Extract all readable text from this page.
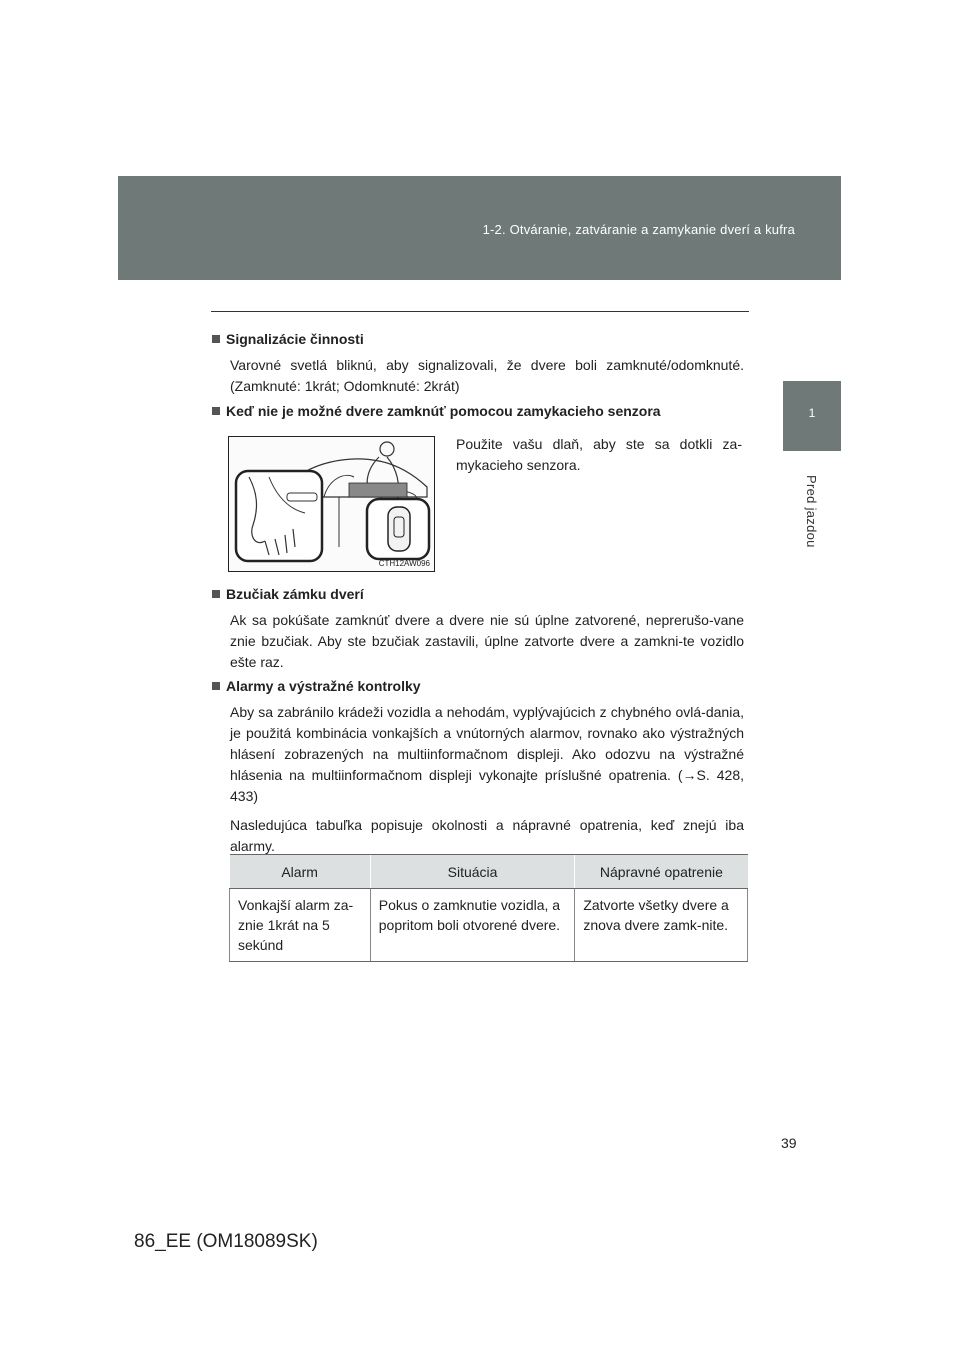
1-2. Otváranie, zatváranie a zamykanie dverí a kufra
1
Pred jazdou
Signalizácie činnosti
Varovné svetlá bliknú, aby signalizovali, že dvere boli zamknuté/odomknuté. (Zamknuté: 1krát; Odomknuté: 2krát)
Keď nie je možné dvere zamknúť pomocou zamykacieho senzora
CTH12AW096
Použite vašu dlaň, aby ste sa dotkli za-mykacieho senzora.
Bzučiak zámku dverí
Ak sa pokúšate zamknúť dvere a dvere nie sú úplne zatvorené, neprerušo-vane znie bzučiak. Aby ste bzučiak zastavili, úplne zatvorte dvere a zamkni-te vozidlo ešte raz.
Alarmy a výstražné kontrolky
Aby sa zabránilo krádeži vozidla a nehodám, vyplývajúcich z chybného ovlá-dania, je použitá kombinácia vonkajších a vnútorných alarmov, rovnako ako výstražných hlásení zobrazených na multiinformačnom displeji. Ako odozvu na výstražné hlásenia na multiinformačnom displeji vykonajte príslušné opatrenia. (→S. 428, 433)
Nasledujúca tabuľka popisuje okolnosti a nápravné opatrenia, keď znejú iba alarmy.
Alarm	Situácia	Nápravné opatrenie
Vonkajší alarm za-znie 1krát na 5 sekúnd	Pokus o zamknutie vozidla, a popritom boli otvorené dvere.	Zatvorte všetky dvere a znova dvere zamk-nite.
39
86_EE (OM18089SK)
